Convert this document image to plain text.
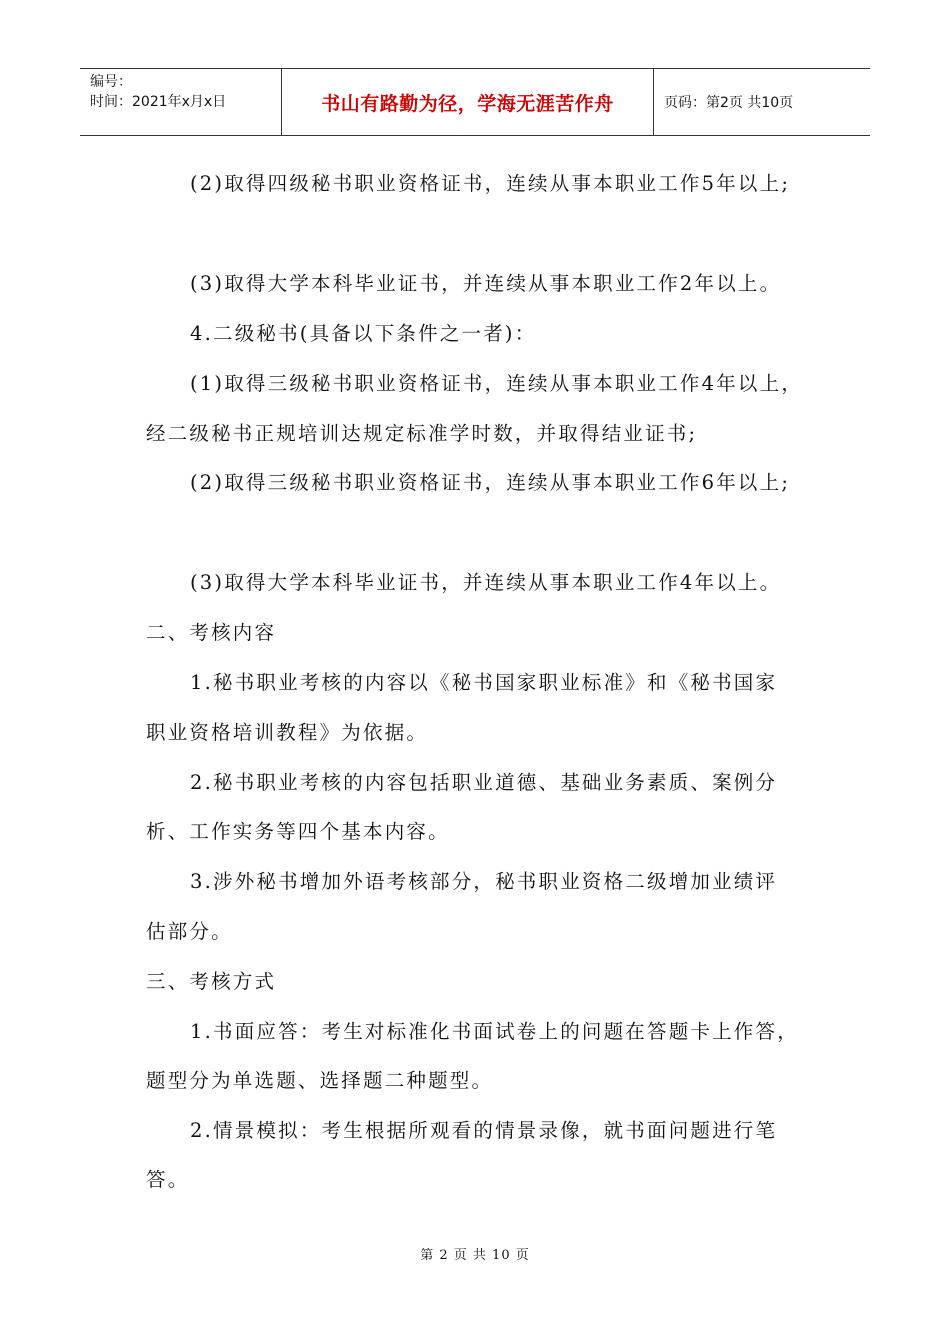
编号：
时间：2021年x月x日	书山有路勤为径，学海无涯苦作舟	页码：第2页 共10页
(2)取得四级秘书职业资格证书，连续从事本职业工作5年以上;
(3)取得大学本科毕业证书，并连续从事本职业工作2年以上。
4.二级秘书(具备以下条件之一者)：
(1)取得三级秘书职业资格证书，连续从事本职业工作4年以上，
经二级秘书正规培训达规定标准学时数，并取得结业证书;
(2)取得三级秘书职业资格证书，连续从事本职业工作6年以上;
(3)取得大学本科毕业证书，并连续从事本职业工作4年以上。
二、考核内容
1.秘书职业考核的内容以《秘书国家职业标准》和《秘书国家
职业资格培训教程》为依据。
2.秘书职业考核的内容包括职业道德、基础业务素质、案例分
析、工作实务等四个基本内容。
3.涉外秘书增加外语考核部分，秘书职业资格二级增加业绩评
估部分。
三、考核方式
1.书面应答：考生对标准化书面试卷上的问题在答题卡上作答，
题型分为单选题、选择题二种题型。
2.情景模拟：考生根据所观看的情景录像，就书面问题进行笔
答。
第 2 页 共 10 页
